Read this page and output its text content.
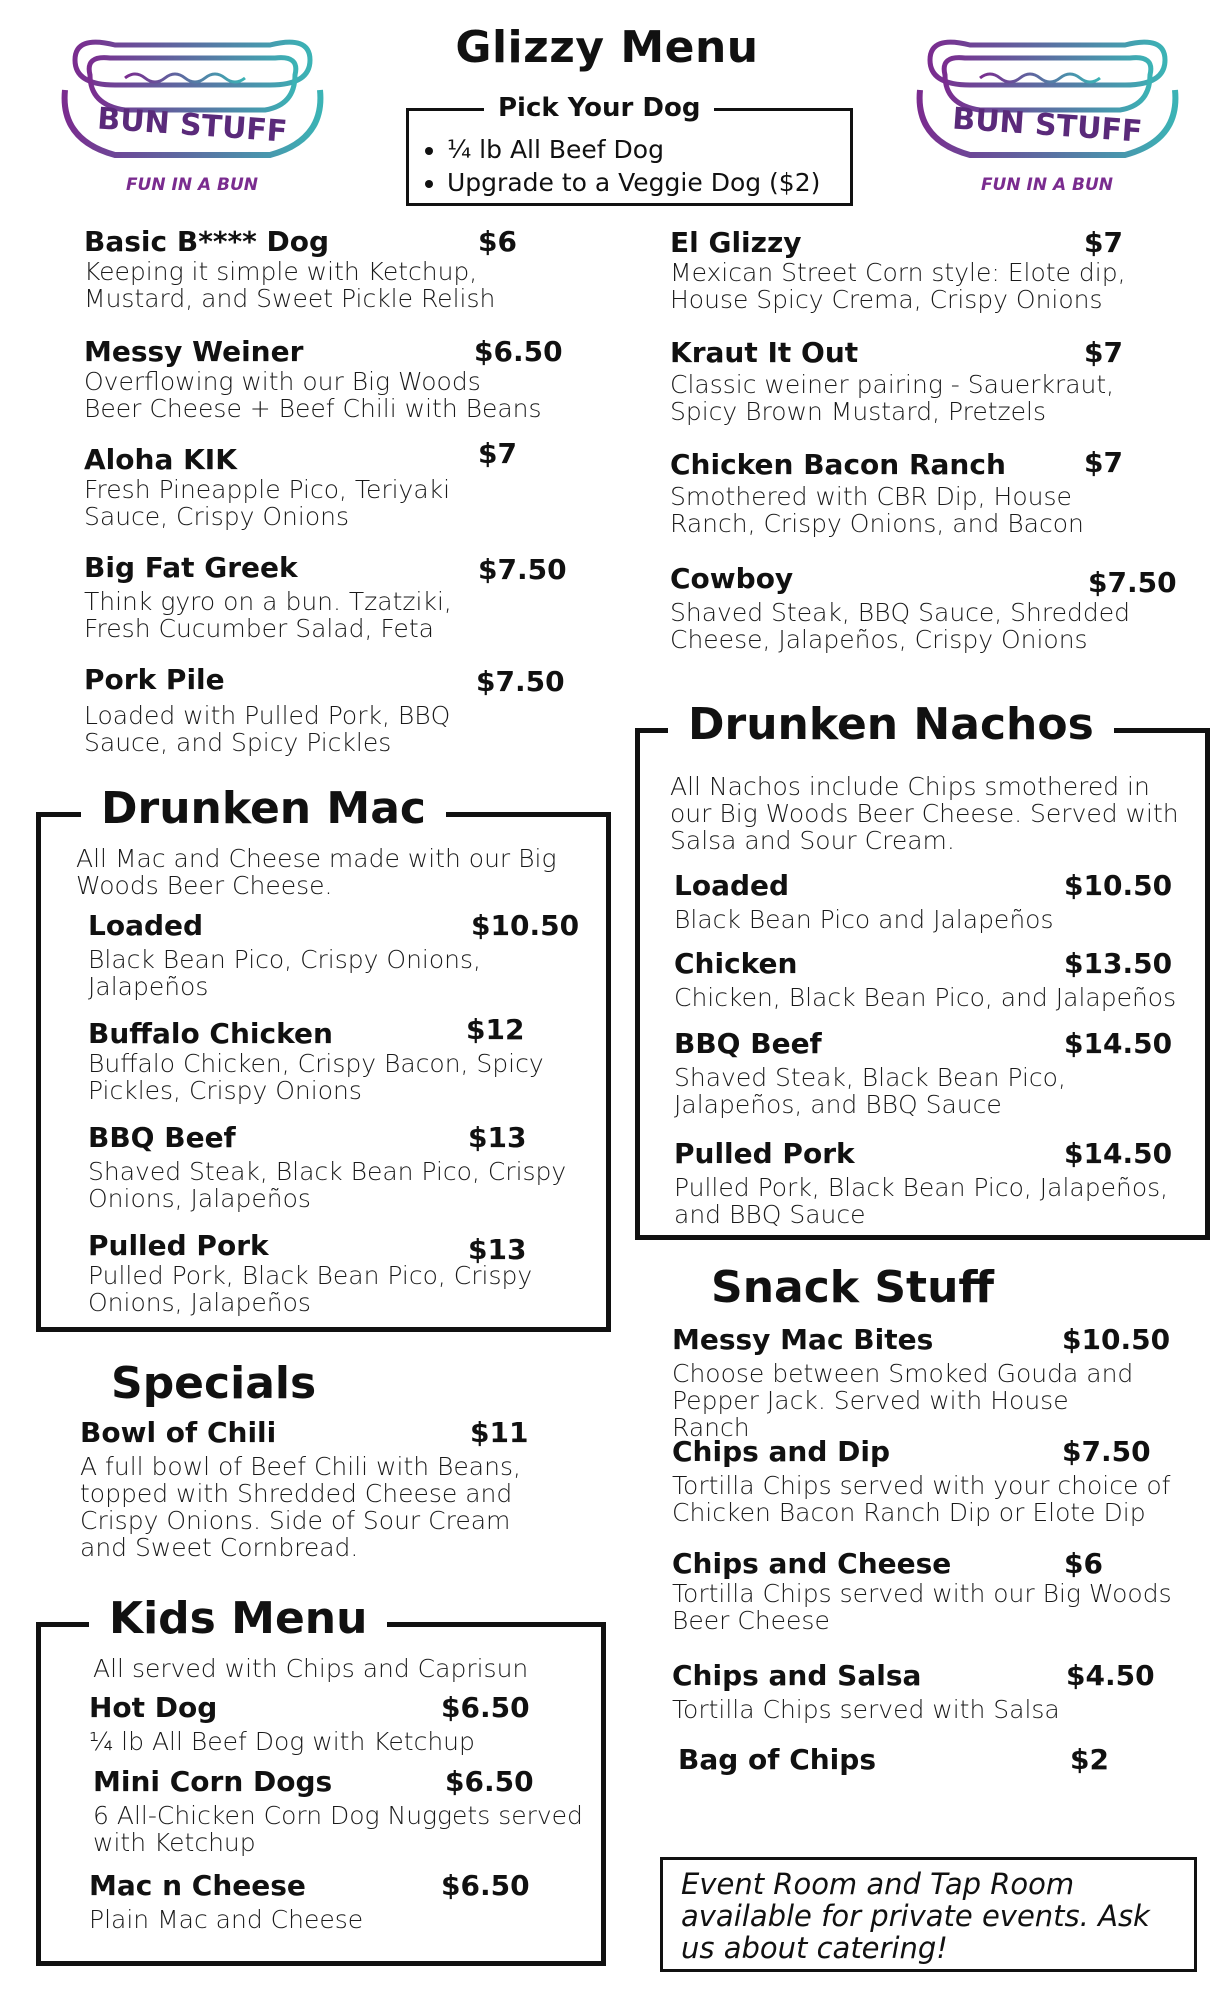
BUN STUFF
FUN IN A BUN
BUN STUFF
FUN IN A BUN
Glizzy Menu
Pick Your Dog
• ¼ lb All Beef Dog
• Upgrade to a Veggie Dog ($2)
Basic B**** Dog	$6
Keeping it simple with Ketchup, Mustard, and Sweet Pickle Relish
Messy Weiner	$6.50
Overflowing with our Big Woods Beer Cheese + Beef Chili with Beans
Aloha KIK	$7
Fresh Pineapple Pico, Teriyaki Sauce, Crispy Onions
Big Fat Greek	$7.50
Think gyro on a bun. Tzatziki, Fresh Cucumber Salad, Feta
Pork Pile	$7.50
Loaded with Pulled Pork, BBQ Sauce, and Spicy Pickles
El Glizzy	$7
Mexican Street Corn style: Elote dip, House Spicy Crema, Crispy Onions
Kraut It Out	$7
Classic weiner pairing - Sauerkraut, Spicy Brown Mustard, Pretzels
Chicken Bacon Ranch	$7
Smothered with CBR Dip, House Ranch, Crispy Onions, and Bacon
Cowboy	$7.50
Shaved Steak, BBQ Sauce, Shredded Cheese, Jalapeños, Crispy Onions
Drunken Mac
All Mac and Cheese made with our Big Woods Beer Cheese.
Loaded	$10.50
Black Bean Pico, Crispy Onions, Jalapeños
Buffalo Chicken	$12
Buffalo Chicken, Crispy Bacon, Spicy Pickles, Crispy Onions
BBQ Beef	$13
Shaved Steak, Black Bean Pico, Crispy Onions, Jalapeños
Pulled Pork	$13
Pulled Pork, Black Bean Pico, Crispy Onions, Jalapeños
Drunken Nachos
All Nachos include Chips smothered in our Big Woods Beer Cheese. Served with Salsa and Sour Cream.
Loaded	$10.50
Black Bean Pico and Jalapeños
Chicken	$13.50
Chicken, Black Bean Pico, and Jalapeños
BBQ Beef	$14.50
Shaved Steak, Black Bean Pico, Jalapeños, and BBQ Sauce
Pulled Pork	$14.50
Pulled Pork, Black Bean Pico, Jalapeños, and BBQ Sauce
Specials
Bowl of Chili	$11
A full bowl of Beef Chili with Beans, topped with Shredded Cheese and Crispy Onions. Side of Sour Cream and Sweet Cornbread.
Kids Menu
All served with Chips and Caprisun
Hot Dog	$6.50
¼ lb All Beef Dog with Ketchup
Mini Corn Dogs	$6.50
6 All-Chicken Corn Dog Nuggets served with Ketchup
Mac n Cheese	$6.50
Plain Mac and Cheese
Snack Stuff
Messy Mac Bites	$10.50
Choose between Smoked Gouda and Pepper Jack. Served with House Ranch
Chips and Dip	$7.50
Tortilla Chips served with your choice of Chicken Bacon Ranch Dip or Elote Dip
Chips and Cheese	$6
Tortilla Chips served with our Big Woods Beer Cheese
Chips and Salsa	$4.50
Tortilla Chips served with Salsa
Bag of Chips	$2
Event Room and Tap Room available for private events. Ask us about catering!
